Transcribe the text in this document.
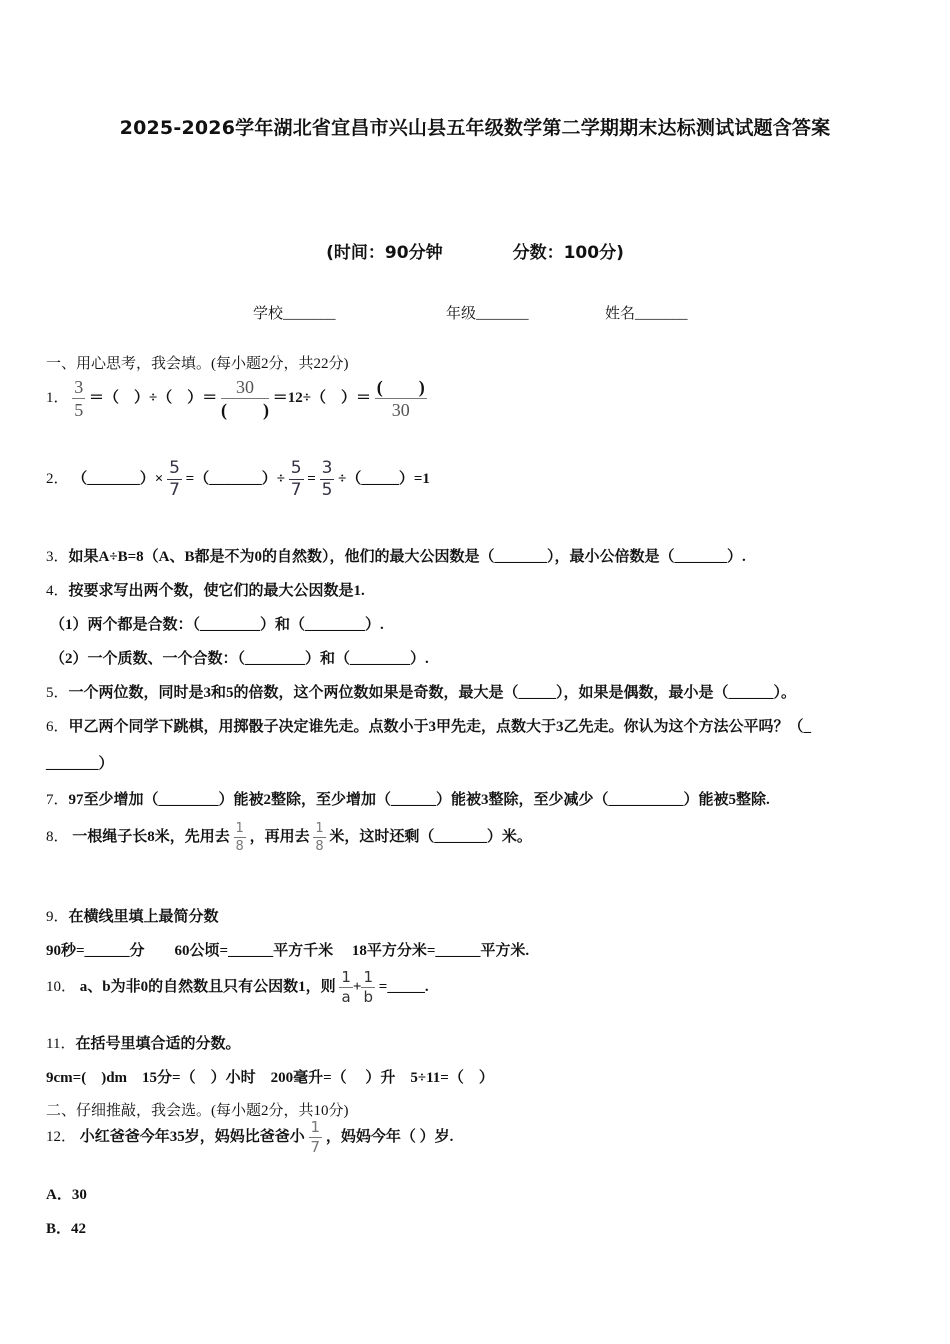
2025-2026学年湖北省宜昌市兴山县五年级数学第二学期期末达标测试试题含答案
(时间：90分钟	分数：100分)
学校_______	年级_______	姓名_______
一、用心思考，我会填。(每小题2分，共22分)
1． $\frac{3}{5}$ ＝（　）÷（　）＝ $\frac{30}{( )} =12\div$（　）＝ $\frac{( )}{30}$
2． （_______）× $\frac{5}{7}$ =（_______）÷ $\frac{5}{7} = \frac{3}{5}$ ÷（_____）=1
3．如果A÷B=8（A、B都是不为0的自然数），他们的最大公因数是（_______），最小公倍数是（_______）.
4．按要求写出两个数，使它们的最大公因数是1.
（1）两个都是合数：（________）和（________）.
（2）一个质数、一个合数：（________）和（________）.
5．一个两位数，同时是3和5的倍数，这个两位数如果是奇数，最大是（_____），如果是偶数，最小是（______）。
6．甲乙两个同学下跳棋，用掷骰子决定谁先走。点数小于3甲先走，点数大于3乙先走。你认为这个方法公平吗？（_
_______）
7．97至少增加（________）能被2整除，至少增加（______）能被3整除，至少减少（__________）能被5整除.
8． 一根绳子长8米，先用去 $\frac{1}{8}$ ，再用去 $\frac{1}{8}$ 米，这时还剩（_______）米。
9．在横线里填上最简分数
90秒=______分　　60公顷=______平方千米　 18平方分米=______平方米.
10． a、b为非0的自然数且只有公因数1，则 $\frac{1}{a} + \frac{1}{b}$ =_____.
11．在括号里填合适的分数。
9cm=(　)dm　15分=（　）小时　200毫升=（　 ）升　5÷11=（　）
二、仔细推敲，我会选。(每小题2分，共10分)
12． 小红爸爸今年35岁，妈妈比爸爸小 $\frac{1}{7}$ ，妈妈今年（ ）岁.
A．30
B．42
